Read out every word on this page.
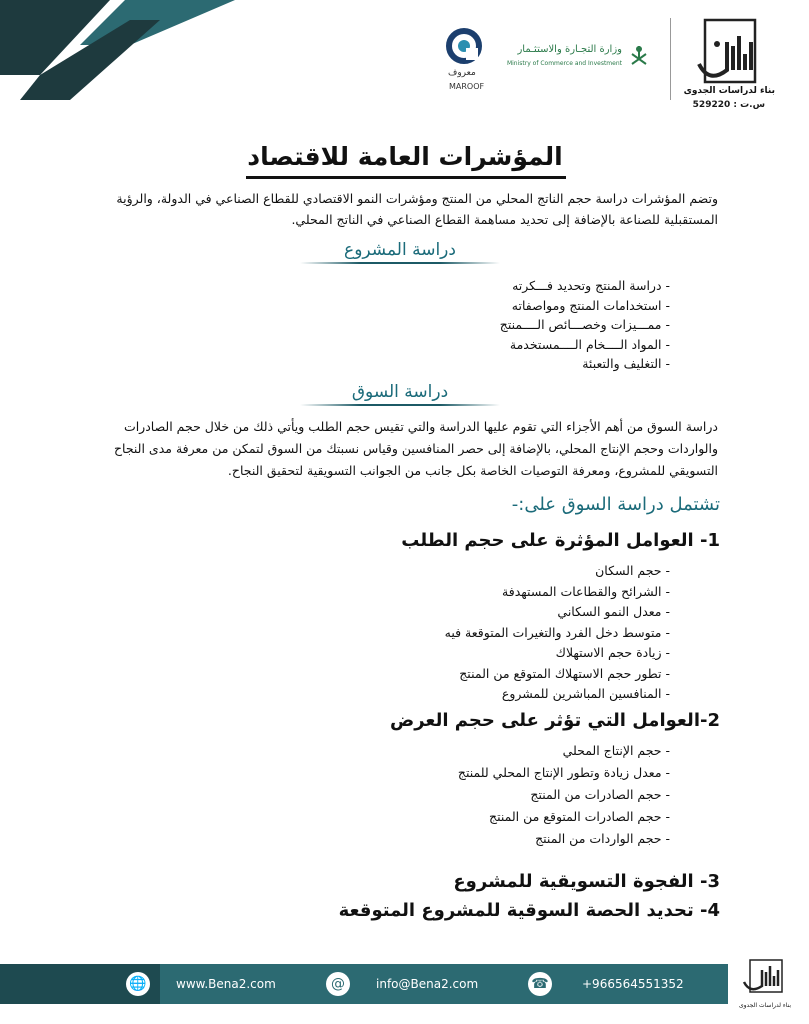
بناء لدراسات الجدوى
س.ت : 529220
وزارة التجـارة والاستثـمار
Ministry of Commerce and Investment
معروف
MAROOF
المؤشرات العامة للاقتصاد
وتضم المؤشرات دراسة حجم الناتج المحلي من المنتج ومؤشرات النمو الاقتصادي للقطاع الصناعي في الدولة، والرؤية المستقبلية للصناعة بالإضافة إلى تحديد مساهمة القطاع الصناعي في الناتج المحلي.
دراسة المشروع
- دراسة المنتج وتحديد فـــكرته
- استخدامات المنتج ومواصفاته
- ممـــيزات وخصـــائص الــــمنتج
- المواد الــــخام الــــمستخدمة
- التغليف والتعبئة
دراسة السوق
دراسة السوق من أهم الأجزاء التي تقوم عليها الدراسة والتي تقيس حجم الطلب ويأتي ذلك من خلال حجم الصادرات والواردات وحجم الإنتاج المحلي، بالإضافة إلى حصر المنافسين وقياس نسبتك من السوق لتمكن من معرفة مدى النجاح التسويقي للمشروع، ومعرفة التوصيات الخاصة بكل جانب من الجوانب التسويقية لتحقيق النجاح.
تشتمل دراسة السوق على:-
1- العوامل المؤثرة على حجم الطلب
- حجم السكان
- الشرائح والقطاعات المستهدفة
- معدل النمو السكاني
- متوسط دخل الفرد والتغيرات المتوقعة فيه
- زيادة حجم الاستهلاك
- تطور حجم الاستهلاك المتوقع من المنتج
- المنافسين المباشرين للمشروع
2-العوامل التي تؤثر على حجم العرض
- حجم الإنتاج المحلي
- معدل زيادة وتطور الإنتاج المحلي للمنتج
- حجم الصادرات من المنتج
- حجم الصادرات المتوقع من المنتج
- حجم الواردات من المنتج
3- الفجوة التسويقية للمشروع
4- تحديد الحصة السوقية للمشروع المتوقعة
🌐 www.Bena2.com	@	info@Bena2.com	☎	+966564551352
بناء لدراسات الجدوى
